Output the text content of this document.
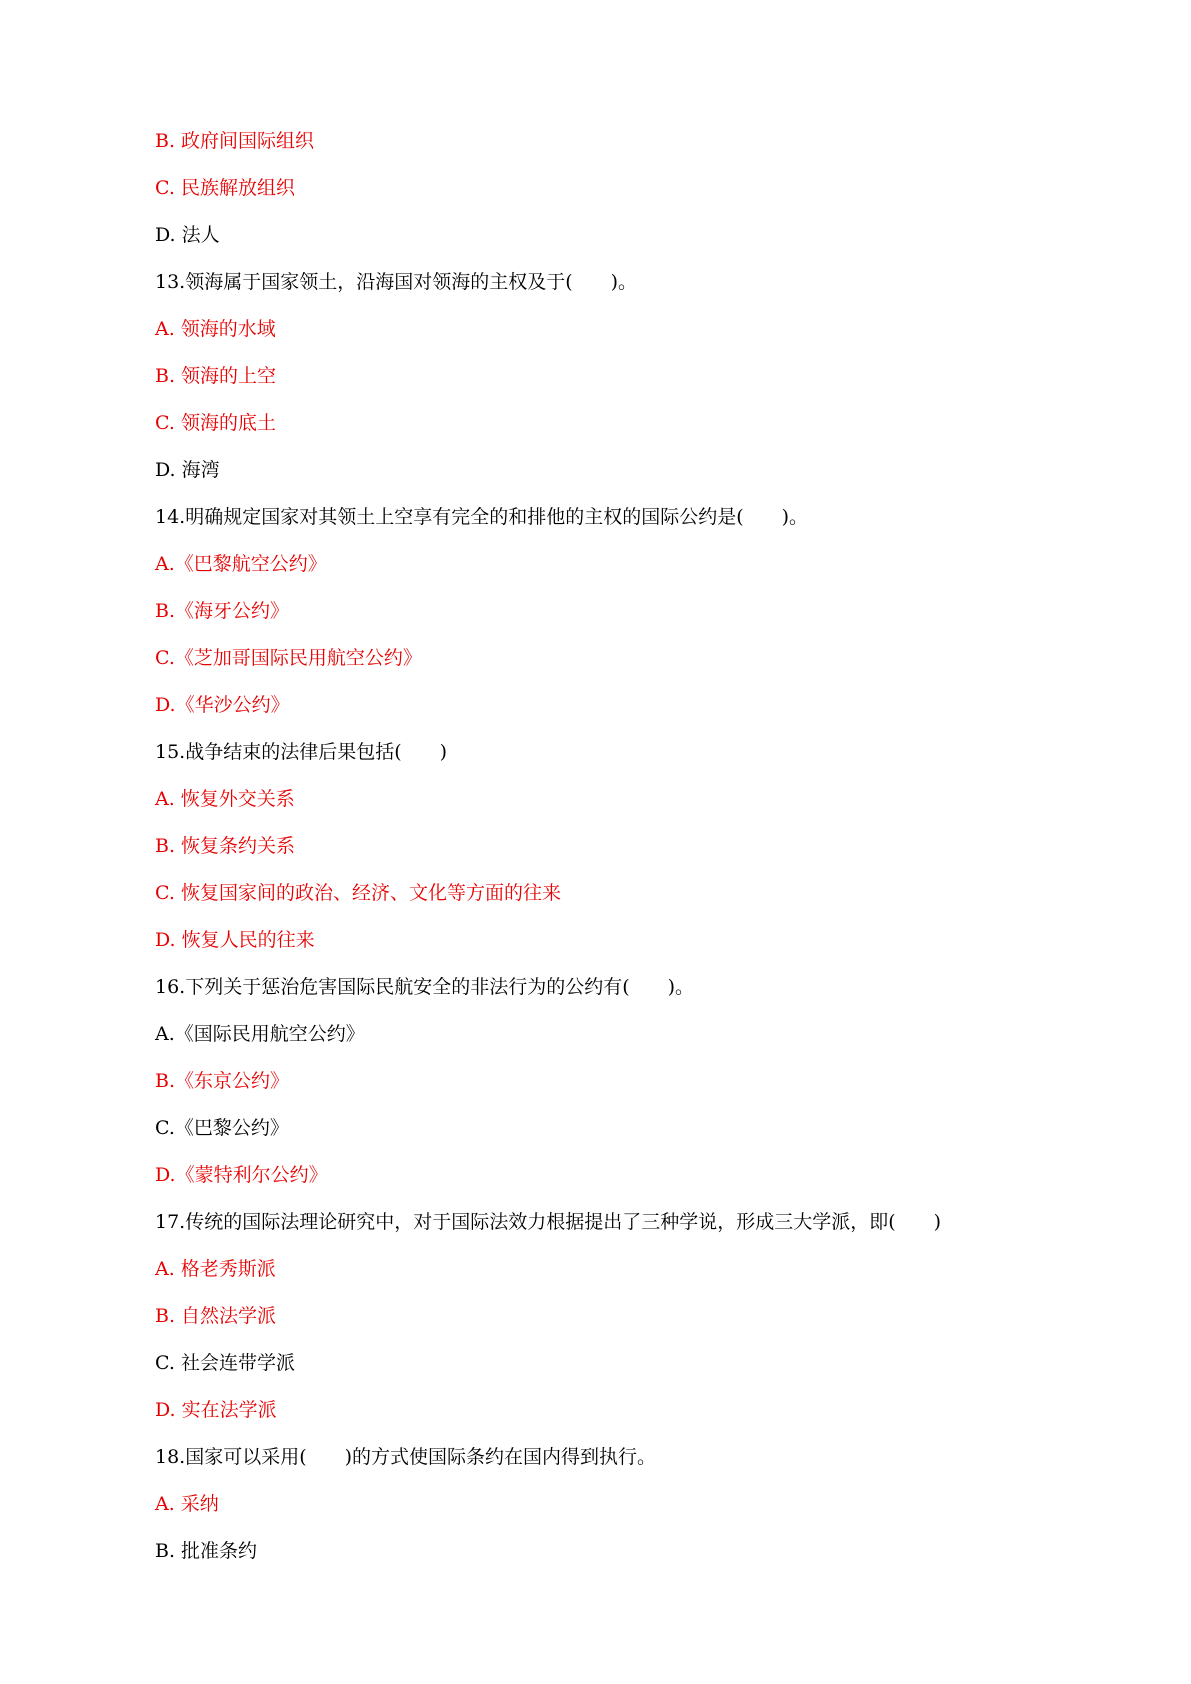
B. 政府间国际组织
C. 民族解放组织
D. 法人
13.领海属于国家领土，沿海国对领海的主权及于(　　)。
A. 领海的水域
B. 领海的上空
C. 领海的底土
D. 海湾
14.明确规定国家对其领土上空享有完全的和排他的主权的国际公约是(　　)。
A.《巴黎航空公约》
B.《海牙公约》
C.《芝加哥国际民用航空公约》
D.《华沙公约》
15.战争结束的法律后果包括(　　)
A. 恢复外交关系
B. 恢复条约关系
C. 恢复国家间的政治、经济、文化等方面的往来
D. 恢复人民的往来
16.下列关于惩治危害国际民航安全的非法行为的公约有(　　)。
A.《国际民用航空公约》
B.《东京公约》
C.《巴黎公约》
D.《蒙特利尔公约》
17.传统的国际法理论研究中，对于国际法效力根据提出了三种学说，形成三大学派，即(　　)
A. 格老秀斯派
B. 自然法学派
C. 社会连带学派
D. 实在法学派
18.国家可以采用(　　)的方式使国际条约在国内得到执行。
A. 采纳
B. 批准条约
